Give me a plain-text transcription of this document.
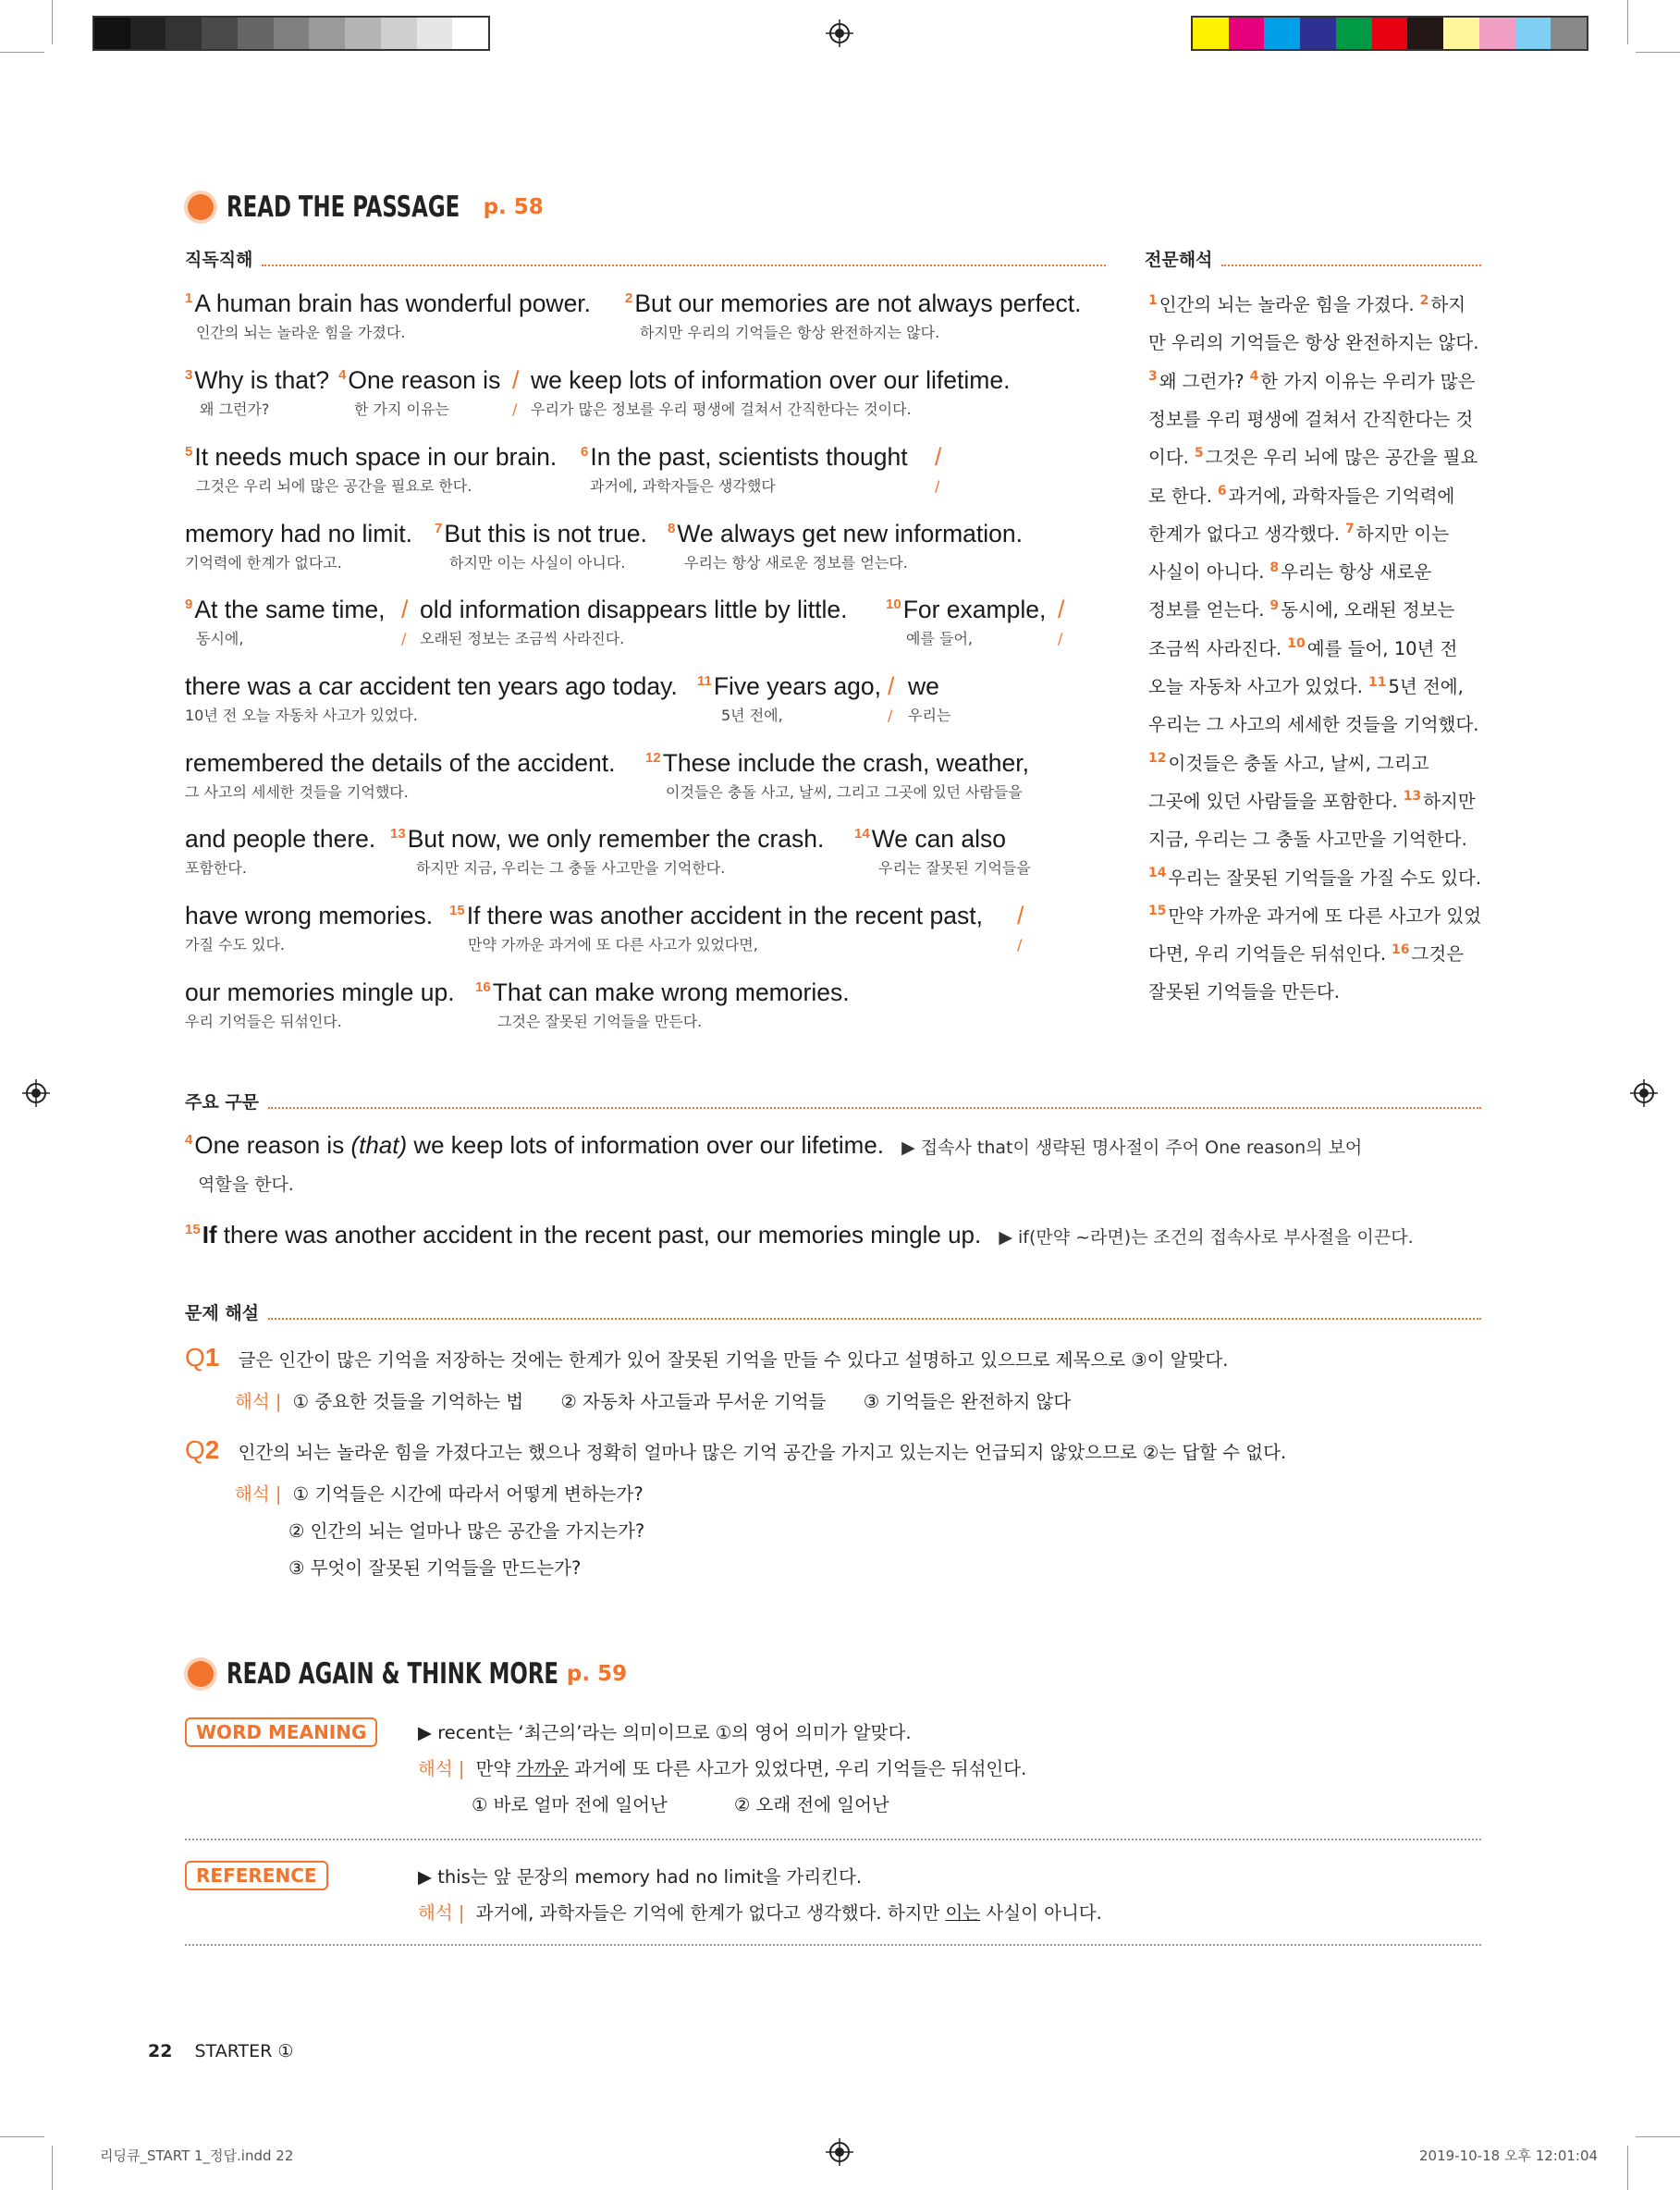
READ THE PASSAGE p. 58
직독직해	전문해석
$^1$A human brain has wonderful power. $^2$But our memories are not always perfect.
인간의 뇌는 놀라운 힘을 가졌다.	하지만 우리의 기억들은 항상 완전하지는 않다.
$^3$Why is that? $^4$One reason is / we keep lots of information over our lifetime.
왜 그런가?	한 가지 이유는	/ 우리가 많은 정보를 우리 평생에 걸쳐서 간직한다는 것이다.
$^5$It needs much space in our brain. $^6$In the past, scientists thought /
그것은 우리 뇌에 많은 공간을 필요로 한다.	과거에, 과학자들은 생각했다	/
memory had no limit. $^7$But this is not true. $^8$We always get new information.
기억력에 한계가 없다고.	하지만 이는 사실이 아니다.	우리는 항상 새로운 정보를 얻는다.
$^9$At the same time, / old information disappears little by little.	$^{10}$For example, /
동시에,	/ 오래된 정보는 조금씩 사라진다.	예를 들어,	/
there was a car accident ten years ago today. $^{11}$Five years ago, / we
10년 전 오늘 자동차 사고가 있었다.	5년 전에,	/ 우리는
remembered the details of the accident. $^{12}$These include the crash, weather,
그 사고의 세세한 것들을 기억했다.	이것들은 충돌 사고, 날씨, 그리고 그곳에 있던 사람들을
and people there. $^{13}$But now, we only remember the crash. $^{14}$We can also
포함한다.	하지만 지금, 우리는 그 충돌 사고만을 기억한다.	우리는 잘못된 기억들을
have wrong memories. $^{15}$If there was another accident in the recent past, /
가질 수도 있다.	만약 가까운 과거에 또 다른 사고가 있었다면,	/
our memories mingle up. $^{16}$That can make wrong memories.
우리 기억들은 뒤섞인다.	그것은 잘못된 기억들을 만든다.
$^1$ 인간의 뇌는 놀라운 힘을 가졌다. $^2$ 하지
만 우리의 기억들은 항상 완전하지는 않다.
$^3$ 왜 그런가? $^4$ 한 가지 이유는 우리가 많은
정보를 우리 평생에 걸쳐서 간직한다는 것
이다. $^5$ 그것은 우리 뇌에 많은 공간을 필요
로 한다. $^6$ 과거에, 과학자들은 기억력에
한계가 없다고 생각했다. $^7$ 하지만 이는
사실이 아니다. $^8$ 우리는 항상 새로운
정보를 얻는다. $^9$ 동시에, 오래된 정보는
조금씩 사라진다. $^{10}$ 예를 들어, 10년 전
오늘 자동차 사고가 있었다. $^{11}$ 5년 전에,
우리는 그 사고의 세세한 것들을 기억했다.
$^{12}$ 이것들은 충돌 사고, 날씨, 그리고
그곳에 있던 사람들을 포함한다. $^{13}$ 하지만
지금, 우리는 그 충돌 사고만을 기억한다.
$^{14}$ 우리는 잘못된 기억들을 가질 수도 있다.
$^{15}$ 만약 가까운 과거에 또 다른 사고가 있었
다면, 우리 기억들은 뒤섞인다. $^{16}$ 그것은
잘못된 기억들을 만든다.
주요 구문
$^4$One reason is (that) we keep lots of information over our lifetime. ▶ 접속사 that이 생략된 명사절이 주어 One reason의 보어
역할을 한다.
$^{15}$If there was another accident in the recent past, our memories mingle up. ▶ if(만약 ~라면)는 조건의 접속사로 부사절을 이끈다.
문제 해설
Q1 글은 인간이 많은 기억을 저장하는 것에는 한계가 있어 잘못된 기억을 만들 수 있다고 설명하고 있으므로 제목으로 ③이 알맞다.
해석 | ① 중요한 것들을 기억하는 법 ② 자동차 사고들과 무서운 기억들 ③ 기억들은 완전하지 않다
Q2 인간의 뇌는 놀라운 힘을 가졌다고는 했으나 정확히 얼마나 많은 기억 공간을 가지고 있는지는 언급되지 않았으므로 ②는 답할 수 없다.
해석 | ① 기억들은 시간에 따라서 어떻게 변하는가?
② 인간의 뇌는 얼마나 많은 공간을 가지는가?
③ 무엇이 잘못된 기억들을 만드는가?
READ AGAIN & THINK MORE p. 59
WORD MEANING	▶ recent는 ‘최근의’라는 의미이므로 ①의 영어 의미가 알맞다.
해석 | 만약 가까운 과거에 또 다른 사고가 있었다면, 우리 기억들은 뒤섞인다.
① 바로 얼마 전에 일어난	② 오래 전에 일어난
REFERENCE	▶ this는 앞 문장의 memory had no limit을 가리킨다.
해석 | 과거에, 과학자들은 기억에 한계가 없다고 생각했다. 하지만 이는 사실이 아니다.
22 STARTER ①
리딩큐_START 1_정답.indd 22	2019-10-18 오후 12:01:04
